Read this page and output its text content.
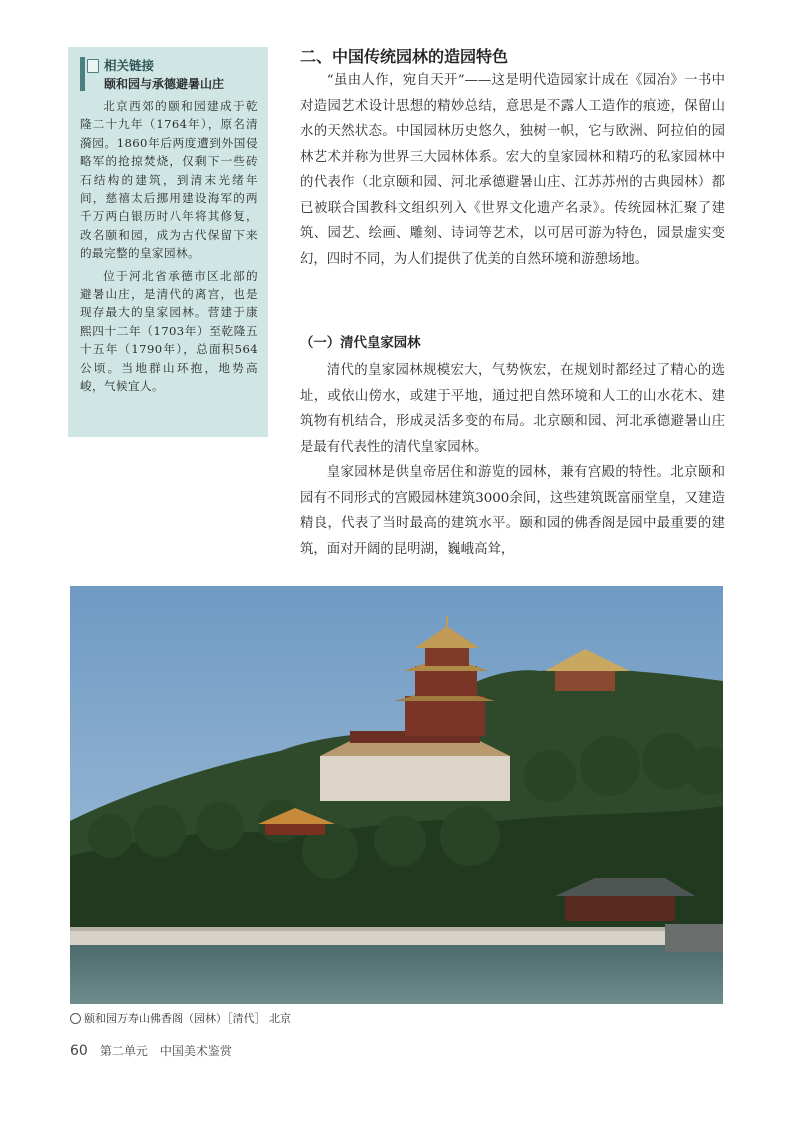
相关链接
颐和园与承德避暑山庄

北京西郊的颐和园建成于乾隆二十九年（1764年），原名清漪园。1860年后两度遭到外国侵略军的抢掠焚烧，仅剩下一些砖石结构的建筑，到清末光绪年间，慈禧太后挪用建设海军的两千万两白银历时八年将其修复，改名颐和园，成为古代保留下来的最完整的皇家园林。

位于河北省承德市区北部的避暑山庄，是清代的离宫，也是现存最大的皇家园林。营建于康熙四十二年（1703年）至乾隆五十五年（1790年），总面积564公顷。当地群山环抱，地势高峻，气候宜人。

二、中国传统园林的造园特色

“虽由人作，宛自天开”——这是明代造园家计成在《园冶》一书中对造园艺术设计思想的精妙总结，意思是不露人工造作的痕迹，保留山水的天然状态。中国园林历史悠久，独树一帜，它与欧洲、阿拉伯的园林艺术并称为世界三大园林体系。宏大的皇家园林和精巧的私家园林中的代表作（北京颐和园、河北承德避暑山庄、江苏苏州的古典园林）都已被联合国教科文组织列入《世界文化遗产名录》。传统园林汇聚了建筑、园艺、绘画、雕刻、诗词等艺术，以可居可游为特色，园景虚实变幻，四时不同，为人们提供了优美的自然环境和游憩场地。

（一）清代皇家园林

清代的皇家园林规模宏大，气势恢宏，在规划时都经过了精心的选址，或依山傍水，或建于平地，通过把自然环境和人工的山水花木、建筑物有机结合，形成灵活多变的布局。北京颐和园、河北承德避暑山庄是最有代表性的清代皇家园林。

皇家园林是供皇帝居住和游览的园林，兼有宫殿的特性。北京颐和园有不同形式的宫殿园林建筑3000余间，这些建筑既富丽堂皇，又建造精良，代表了当时最高的建筑水平。颐和园的佛香阁是园中最重要的建筑，面对开阔的昆明湖，巍峨高耸，

颐和园万寿山佛香阁（园林）［清代］ 北京
60 第二单元 中国美术鉴赏
